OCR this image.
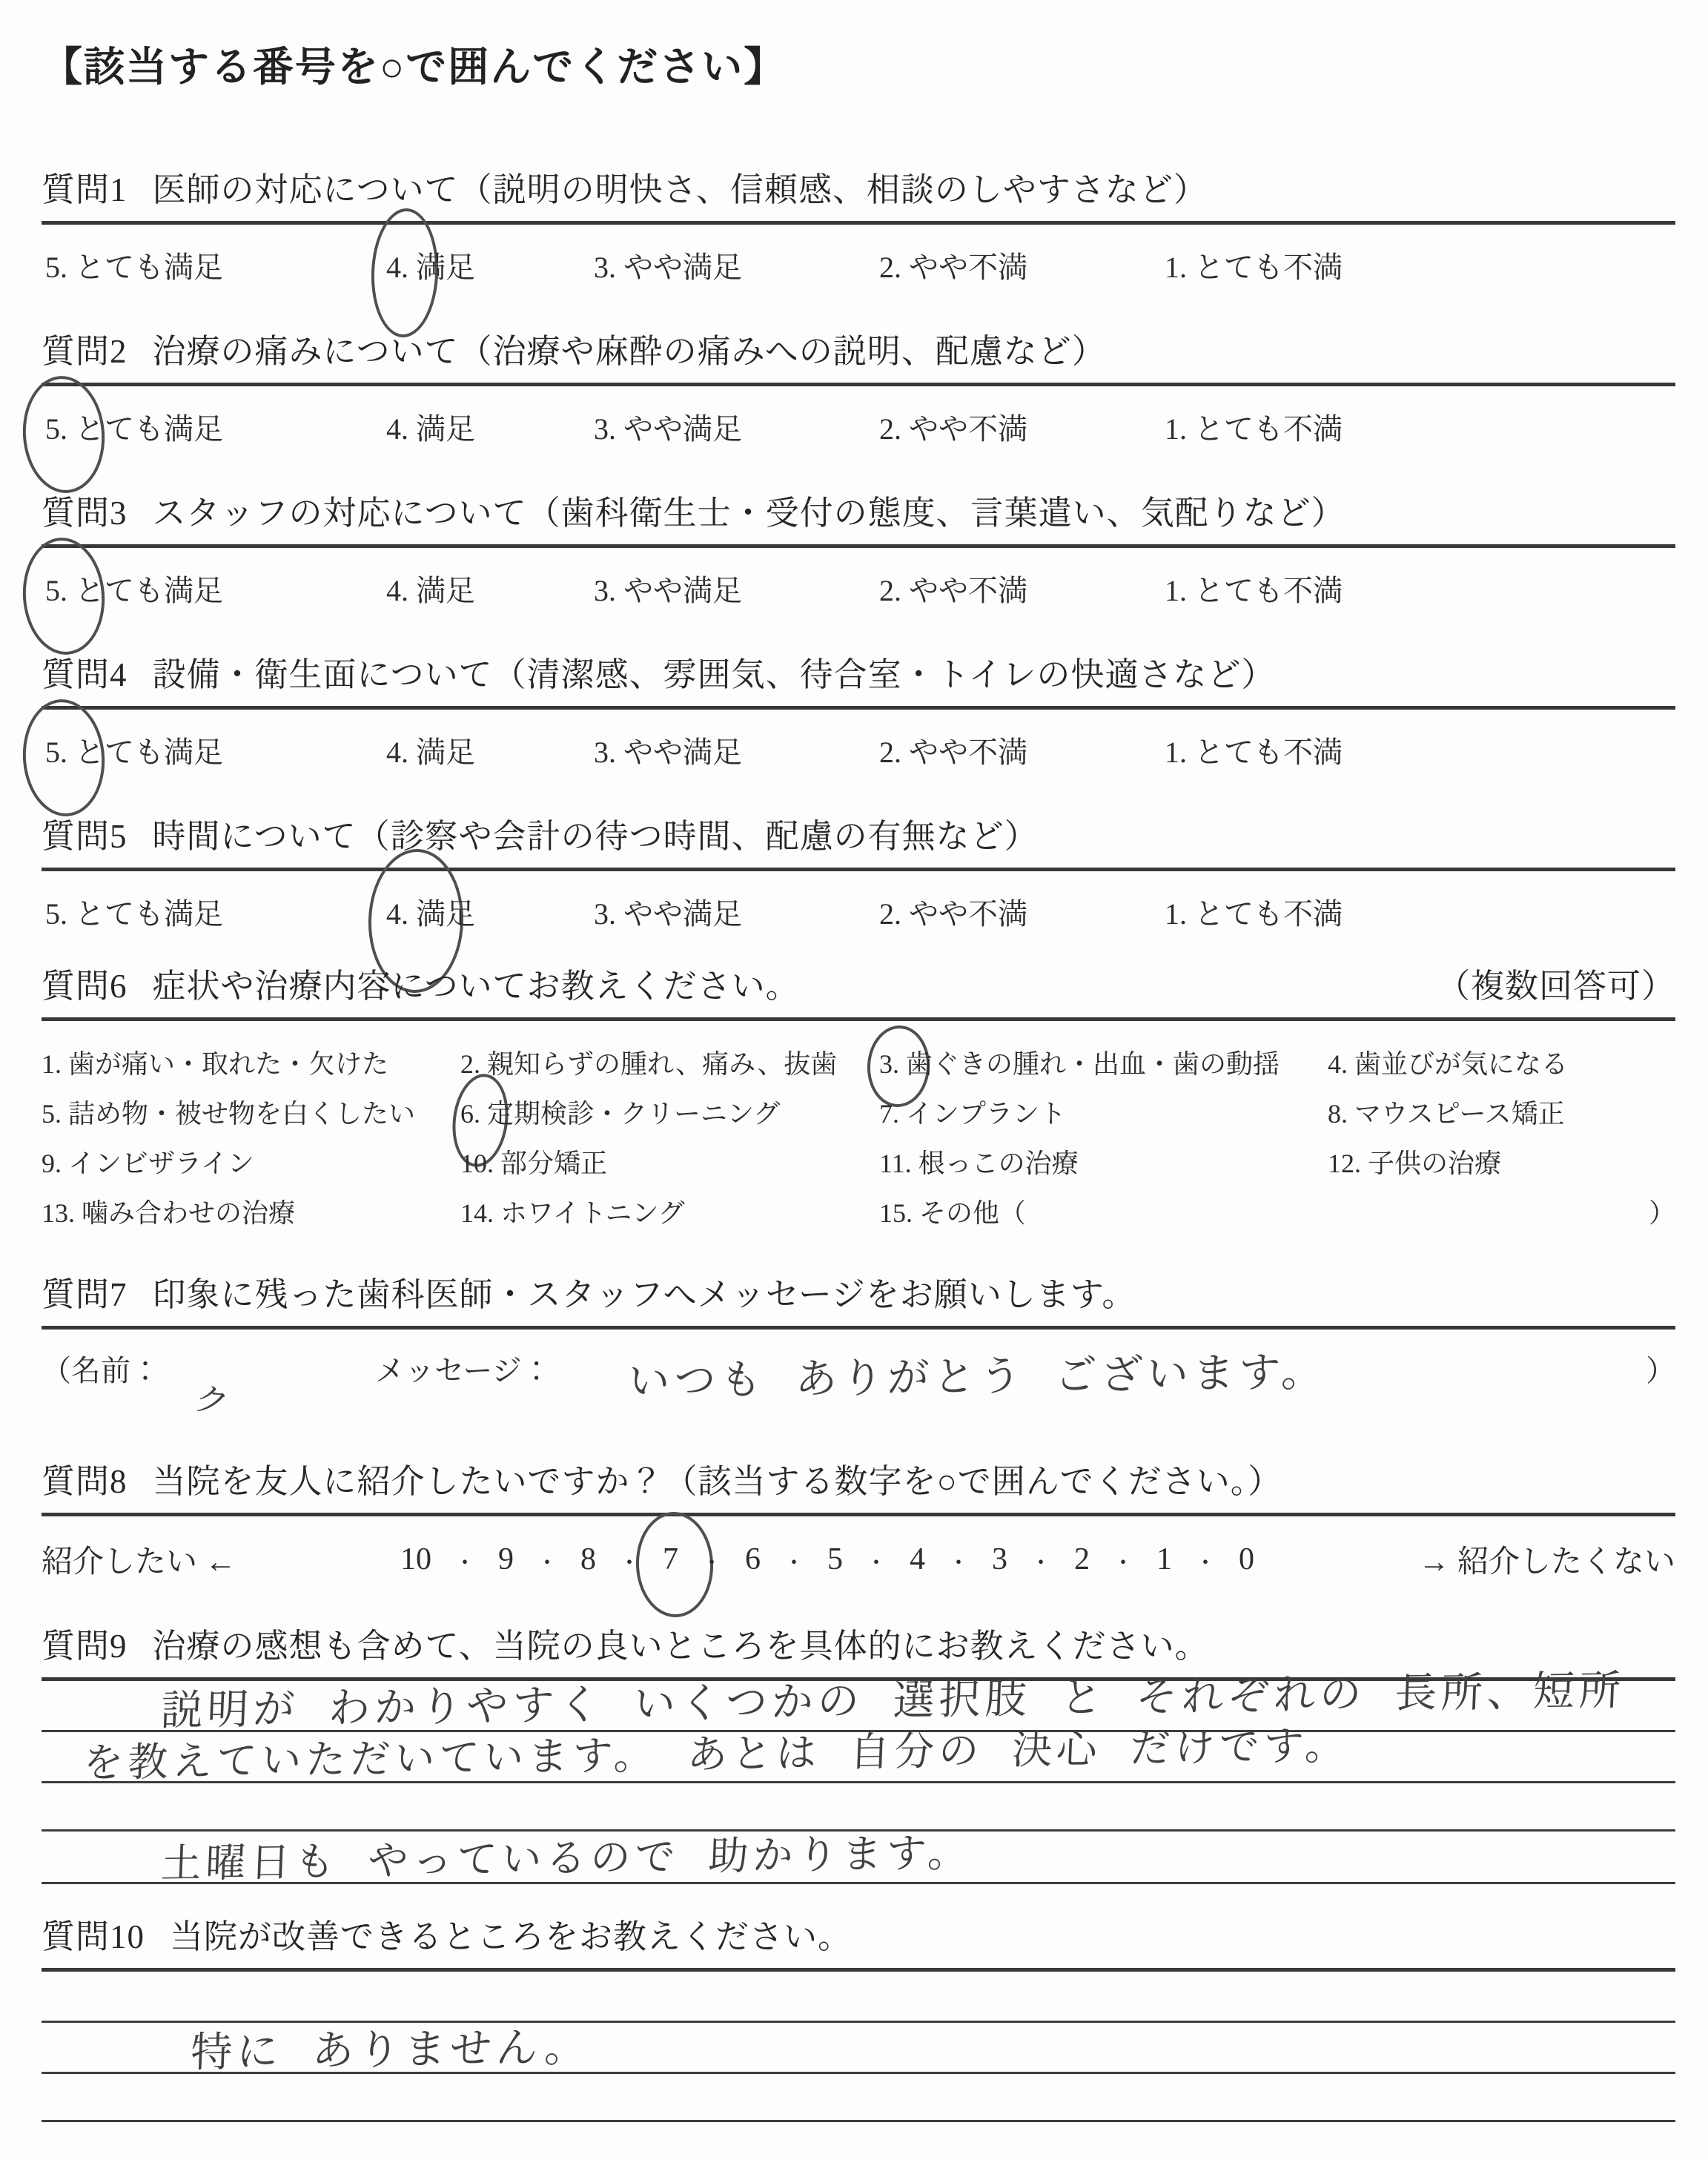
【該当する番号を○で囲んでください】
質問1 医師の対応について（説明の明快さ、信頼感、相談のしやすさなど）
5. とても満足	4. 満足	3. やや満足	2. やや不満	1. とても不満
質問2 治療の痛みについて（治療や麻酔の痛みへの説明、配慮など）
5. とても満足	4. 満足	3. やや満足	2. やや不満	1. とても不満
質問3 スタッフの対応について（歯科衛生士・受付の態度、言葉遣い、気配りなど）
5. とても満足	4. 満足	3. やや満足	2. やや不満	1. とても不満
質問4 設備・衛生面について（清潔感、雰囲気、待合室・トイレの快適さなど）
5. とても満足	4. 満足	3. やや満足	2. やや不満	1. とても不満
質問5 時間について（診察や会計の待つ時間、配慮の有無など）
5. とても満足	4. 満足	3. やや満足	2. やや不満	1. とても不満
質問6 症状や治療内容についてお教えください。	（複数回答可）
1. 歯が痛い・取れた・欠けた	2. 親知らずの腫れ、痛み、抜歯 3. 歯ぐきの腫れ・出血・歯の動揺 4. 歯並びが気になる
5. 詰め物・被せ物を白くしたい 6. 定期検診・クリーニング	7. インプラント	8. マウスピース矯正
9. インビザライン	10. 部分矯正	11. 根っこの治療	12. 子供の治療
13. 噛み合わせの治療	14. ホワイトニング	15. その他（	）
質問7 印象に残った歯科医師・スタッフへメッセージをお願いします。
（名前：
ク
メッセージ： いつも ありがとう ございます。	）
質問8 当院を友人に紹介したいですか？（該当する数字を○で囲んでください。）
紹介したい ←	10 ・ 9 ・ 8 ・ 7 ・ 6 ・ 5 ・ 4 ・ 3 ・ 2 ・ 1 ・ 0	→ 紹介したくない
質問9 治療の感想も含めて、当院の良いところを具体的にお教えください。
説明が わかりやすく いくつかの 選択肢 と それぞれの 長所、短所
を教えていただいています。 あとは 自分の 決心 だけです。
土曜日も やっているので 助かります。
質問10 当院が改善できるところをお教えください。
特に ありません。
